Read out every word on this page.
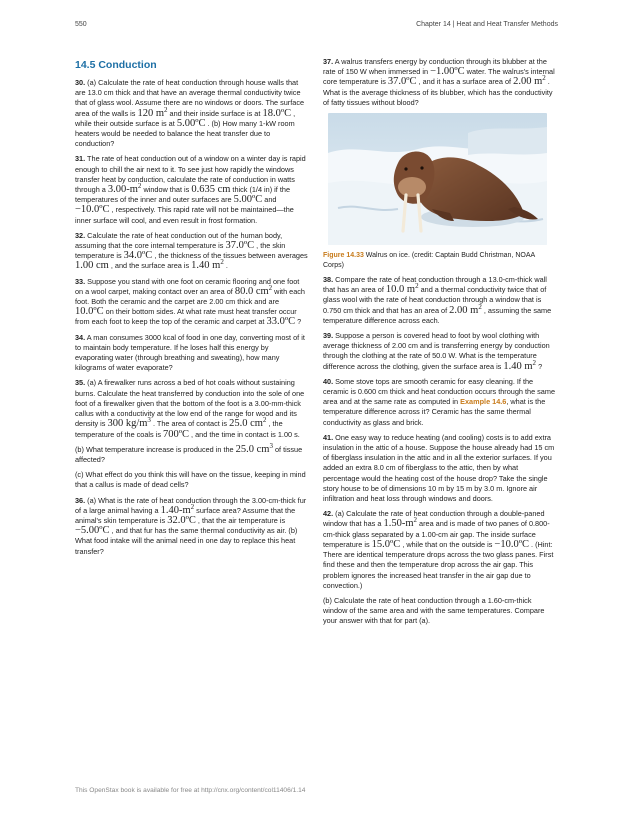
550	Chapter 14 | Heat and Heat Transfer Methods
14.5 Conduction

30. (a) Calculate the rate of heat conduction through house walls that are 13.0 cm thick and that have an average thermal conductivity twice that of glass wool. Assume there are no windows or doors. The surface area of the walls is 120 $m^2$ and their inside surface is at 18.0ºC , while their outside surface is at 5.00ºC . (b) How many 1-kW room heaters would be needed to balance the heat transfer due to conduction?

31. The rate of heat conduction out of a window on a winter day is rapid enough to chill the air next to it. To see just how rapidly the windows transfer heat by conduction, calculate the rate of conduction in watts through a $3.00-m^2$ window that is 0.635 cm thick (1/4 in) if the temperatures of the inner and outer surfaces are 5.00ºC and −10.0ºC , respectively. This rapid rate will not be maintained—the inner surface will cool, and even result in frost formation.

32. Calculate the rate of heat conduction out of the human body, assuming that the core internal temperature is 37.0ºC , the skin temperature is 34.0ºC , the thickness of the tissues between averages 1.00 cm , and the surface area is 1.40 $m^2$ .

33. Suppose you stand with one foot on ceramic flooring and one foot on a wool carpet, making contact over an area of 80.0 $cm^2$ with each foot. Both the ceramic and the carpet are 2.00 cm thick and are 10.0ºC on their bottom sides. At what rate must heat transfer occur from each foot to keep the top of the ceramic and carpet at 33.0ºC ?

34. A man consumes 3000 kcal of food in one day, converting most of it to maintain body temperature. If he loses half this energy by evaporating water (through breathing and sweating), how many kilograms of water evaporate?

35. (a) A firewalker runs across a bed of hot coals without sustaining burns. Calculate the heat transferred by conduction into the sole of one foot of a firewalker given that the bottom of the foot is a 3.00-mm-thick callus with a conductivity at the low end of the range for wood and its density is 300 $kg/m^3$ . The area of contact is 25.0 $cm^2$ , the temperature of the coals is 700ºC , and the time in contact is 1.00 s.

(b) What temperature increase is produced in the 25.0 $cm^3$ of tissue affected?

(c) What effect do you think this will have on the tissue, keeping in mind that a callus is made of dead cells?

36. (a) What is the rate of heat conduction through the 3.00-cm-thick fur of a large animal having a $1.40-m^2$ surface area? Assume that the animal's skin temperature is 32.0ºC , that the air temperature is −5.00ºC , and that fur has the same thermal conductivity as air. (b) What food intake will the animal need in one day to replace this heat transfer?

37. A walrus transfers energy by conduction through its blubber at the rate of 150 W when immersed in −1.00ºC water. The walrus's internal core temperature is 37.0ºC , and it has a surface area of 2.00 $m^2$ . What is the average thickness of its blubber, which has the conductivity of fatty tissues without blood?

Figure 14.33 Walrus on ice. (credit: Captain Budd Christman, NOAA Corps)

38. Compare the rate of heat conduction through a 13.0-cm-thick wall that has an area of 10.0 $m^2$ and a thermal conductivity twice that of glass wool with the rate of heat conduction through a window that is 0.750 cm thick and that has an area of 2.00 $m^2$ , assuming the same temperature difference across each.

39. Suppose a person is covered head to foot by wool clothing with average thickness of 2.00 cm and is transferring energy by conduction through the clothing at the rate of 50.0 W. What is the temperature difference across the clothing, given the surface area is 1.40 $m^2$ ?

40. Some stove tops are smooth ceramic for easy cleaning. If the ceramic is 0.600 cm thick and heat conduction occurs through the same area and at the same rate as computed in Example 14.6, what is the temperature difference across it? Ceramic has the same thermal conductivity as glass and brick.

41. One easy way to reduce heating (and cooling) costs is to add extra insulation in the attic of a house. Suppose the house already had 15 cm of fiberglass insulation in the attic and in all the exterior surfaces. If you added an extra 8.0 cm of fiberglass to the attic, then by what percentage would the heating cost of the house drop? Take the single story house to be of dimensions 10 m by 15 m by 3.0 m. Ignore air infiltration and heat loss through windows and doors.

42. (a) Calculate the rate of heat conduction through a double-paned window that has a $1.50-m^2$ area and is made of two panes of 0.800-cm-thick glass separated by a 1.00-cm air gap. The inside surface temperature is 15.0ºC , while that on the outside is −10.0ºC . (Hint: There are identical temperature drops across the two glass panes. First find these and then the temperature drop across the air gap. This problem ignores the increased heat transfer in the air gap due to convection.)

(b) Calculate the rate of heat conduction through a 1.60-cm-thick window of the same area and with the same temperatures. Compare your answer with that for part (a).

This OpenStax book is available for free at http://cnx.org/content/col11406/1.14
